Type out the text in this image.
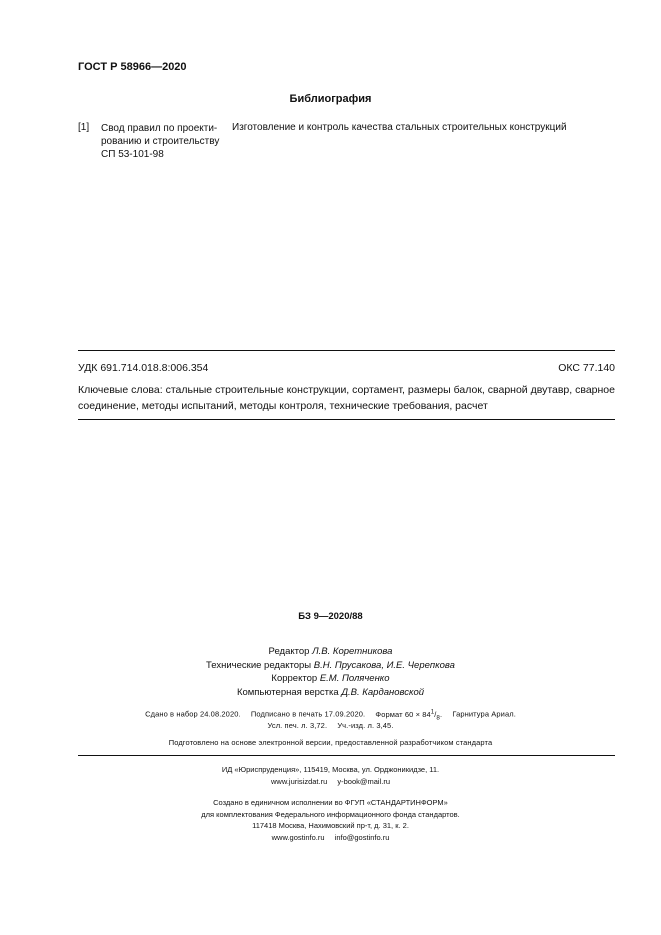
ГОСТ Р 58966—2020
Библиография
[1] Свод правил по проекти-
рованию и строительству
СП 53-101-98
Изготовление и контроль качества стальных строительных конструкций
УДК 691.714.018.8:006.354	ОКС 77.140
Ключевые слова: стальные строительные конструкции, сортамент, размеры балок, сварной двутавр, сварное соединение, методы испытаний, методы контроля, технические требования, расчет
БЗ 9—2020/88
Редактор Л.В. Коретникова
Технические редакторы В.Н. Прусакова, И.Е. Черепкова
Корректор Е.М. Поляченко
Компьютерная верстка Д.В. Кардановской
Сдано в набор 24.08.2020. Подписано в печать 17.09.2020. Формат $60 \times 84^1/_8$. Гарнитура Ариал.
Усл. печ. л. 3,72. Уч.-изд. л. 3,45.
Подготовлено на основе электронной версии, предоставленной разработчиком стандарта
ИД «Юриспруденция», 115419, Москва, ул. Орджоникидзе, 11.
www.jurisizdat.ru y-book@mail.ru
Создано в единичном исполнении во ФГУП «СТАНДАРТИНФОРМ»
для комплектования Федерального информационного фонда стандартов.
117418 Москва, Нахимовский пр-т, д. 31, к. 2.
www.gostinfo.ru info@gostinfo.ru
